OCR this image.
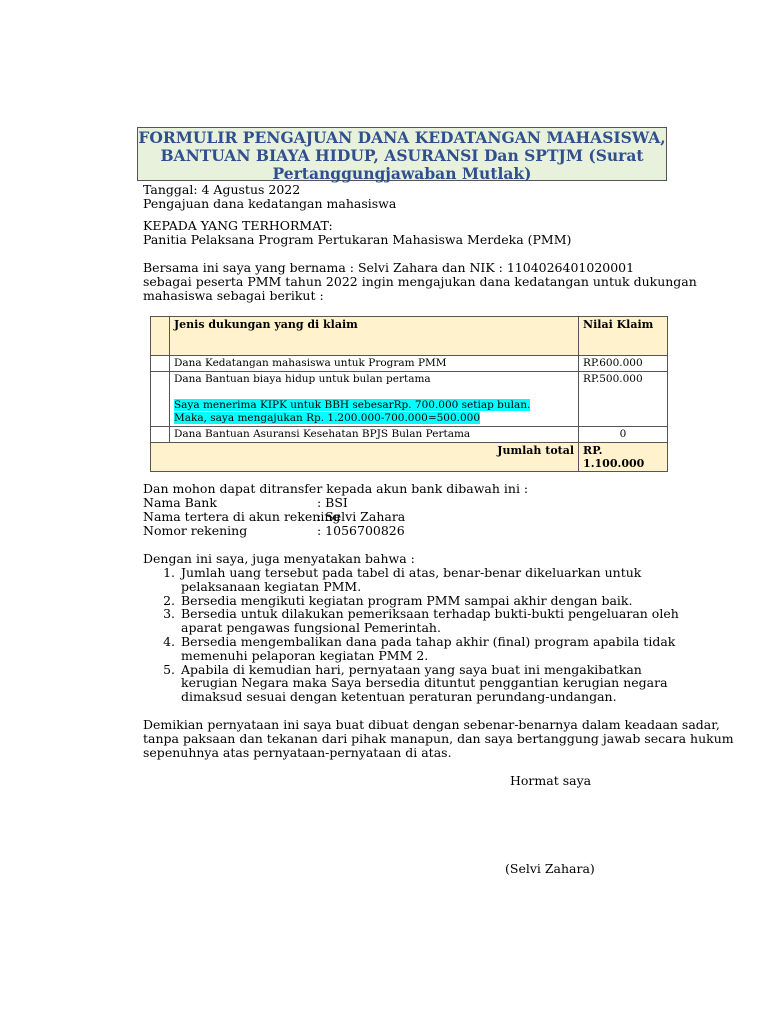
FORMULIR PENGAJUAN DANA KEDATANGAN MAHASISWA,
BANTUAN BIAYA HIDUP, ASURANSI Dan SPTJM (Surat
Pertanggungjawaban Mutlak)
Tanggal: 4 Agustus 2022
Pengajuan dana kedatangan mahasiswa
KEPADA YANG TERHORMAT:
Panitia Pelaksana Program Pertukaran Mahasiswa Merdeka (PMM)
Bersama ini saya yang bernama : Selvi Zahara dan NIK : 1104026401020001
sebagai peserta PMM tahun 2022 ingin mengajukan dana kedatangan untuk dukungan
mahasiswa sebagai berikut :
	Jenis dukungan yang di klaim	Nilai Klaim
	Dana Kedatangan mahasiswa untuk Program PMM	RP.600.000

	Dana Bantuan biaya hidup untuk bulan pertama
Saya menerima KIPK untuk BBH sebesarRp. 700.000 setiap bulan.
Maka, saya mengajukan Rp. 1.200.000-700.000=500.000	RP.500.000
	Dana Bantuan Asuransi Kesehatan BPJS Bulan Pertama	0
Jumlah total		RP.
1.100.000
Dan mohon dapat ditransfer kepada akun bank dibawah ini :
Nama Bank	: BSI
Nama tertera di akun rekening
: Selvi Zahara
Nomor rekening	: 1056700826
Dengan ini saya, juga menyatakan bahwa :
1. Jumlah uang tersebut pada tabel di atas, benar-benar dikeluarkan untuk pelaksanaan kegiatan PMM.
2. Bersedia mengikuti kegiatan program PMM sampai akhir dengan baik.
3. Bersedia untuk dilakukan pemeriksaan terhadap bukti-bukti pengeluaran oleh aparat pengawas fungsional Pemerintah.
4. Bersedia mengembalikan dana pada tahap akhir (final) program apabila tidak memenuhi pelaporan kegiatan PMM 2.
5. Apabila di kemudian hari, pernyataan yang saya buat ini mengakibatkan kerugian Negara maka Saya bersedia dituntut penggantian kerugian negara dimaksud sesuai dengan ketentuan peraturan perundang-undangan.
Demikian pernyataan ini saya buat dibuat dengan sebenar-benarnya dalam keadaan sadar,
tanpa paksaan dan tekanan dari pihak manapun, dan saya bertanggung jawab secara hukum
sepenuhnya atas pernyataan-pernyataan di atas.
Hormat saya
(Selvi Zahara)
